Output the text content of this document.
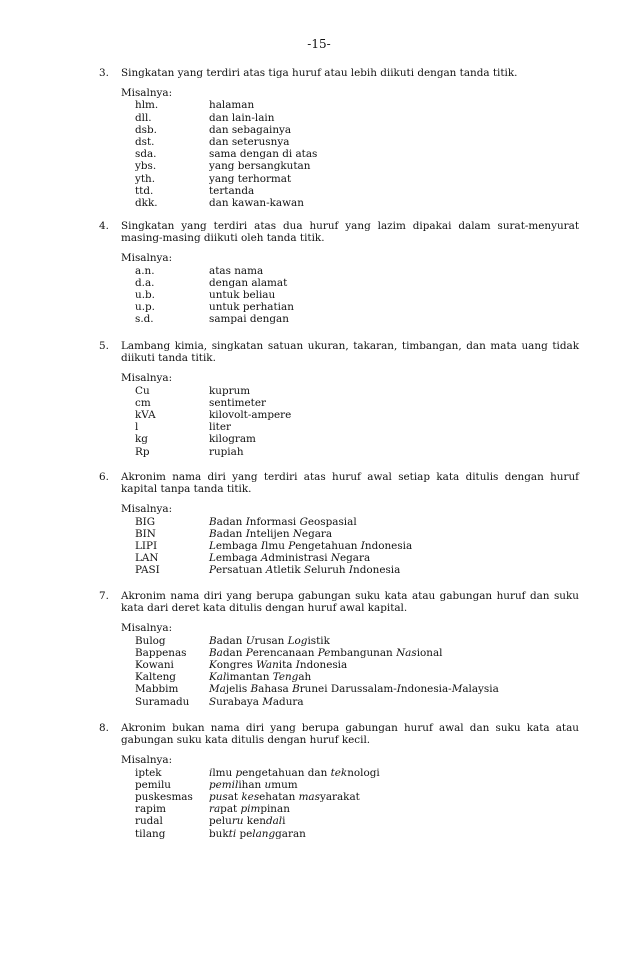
-15-
3.	Singkatan yang terdiri atas tiga huruf atau lebih diikuti dengan tanda titik.
Misalnya:
hlm.	halaman
dll.	dan lain-lain
dsb.	dan sebagainya
dst.	dan seterusnya
sda.	sama dengan di atas
ybs.	yang bersangkutan
yth.	yang terhormat
ttd.	tertanda
dkk.	dan kawan-kawan
4.	Singkatan yang terdiri atas dua huruf yang lazim dipakai dalam surat-menyurat masing-masing diikuti oleh tanda titik.
Misalnya:
a.n.	atas nama
d.a.	dengan alamat
u.b.	untuk beliau
u.p.	untuk perhatian
s.d.	sampai dengan
5.	Lambang kimia, singkatan satuan ukuran, takaran, timbangan, dan mata uang tidak diikuti tanda titik.
Misalnya:
Cu	kuprum
cm	sentimeter
kVA	kilovolt-ampere
l	liter
kg	kilogram
Rp	rupiah
6.	Akronim nama diri yang terdiri atas huruf awal setiap kata ditulis dengan huruf kapital tanpa tanda titik.
Misalnya:
BIG	Badan Informasi Geospasial
BIN	Badan Intelijen Negara
LIPI	Lembaga Ilmu Pengetahuan Indonesia
LAN	Lembaga Administrasi Negara
PASI	Persatuan Atletik Seluruh Indonesia
7.	Akronim nama diri yang berupa gabungan suku kata atau gabungan huruf dan suku kata dari deret kata ditulis dengan huruf awal kapital.
Misalnya:
Bulog	Badan Urusan Logistik
Bappenas	Badan Perencanaan Pembangunan Nasional
Kowani	Kongres Wanita Indonesia
Kalteng	Kalimantan Tengah
Mabbim	Majelis Bahasa Brunei Darussalam-Indonesia-Malaysia
Suramadu	Surabaya Madura
8.	Akronim bukan nama diri yang berupa gabungan huruf awal dan suku kata atau gabungan suku kata ditulis dengan huruf kecil.
Misalnya:
iptek	ilmu pengetahuan dan teknologi
pemilu	pemilihan umum
puskesmas	pusat kesehatan masyarakat
rapim	rapat pimpinan
rudal	peluru kendali
tilang	bukti pelanggaran
